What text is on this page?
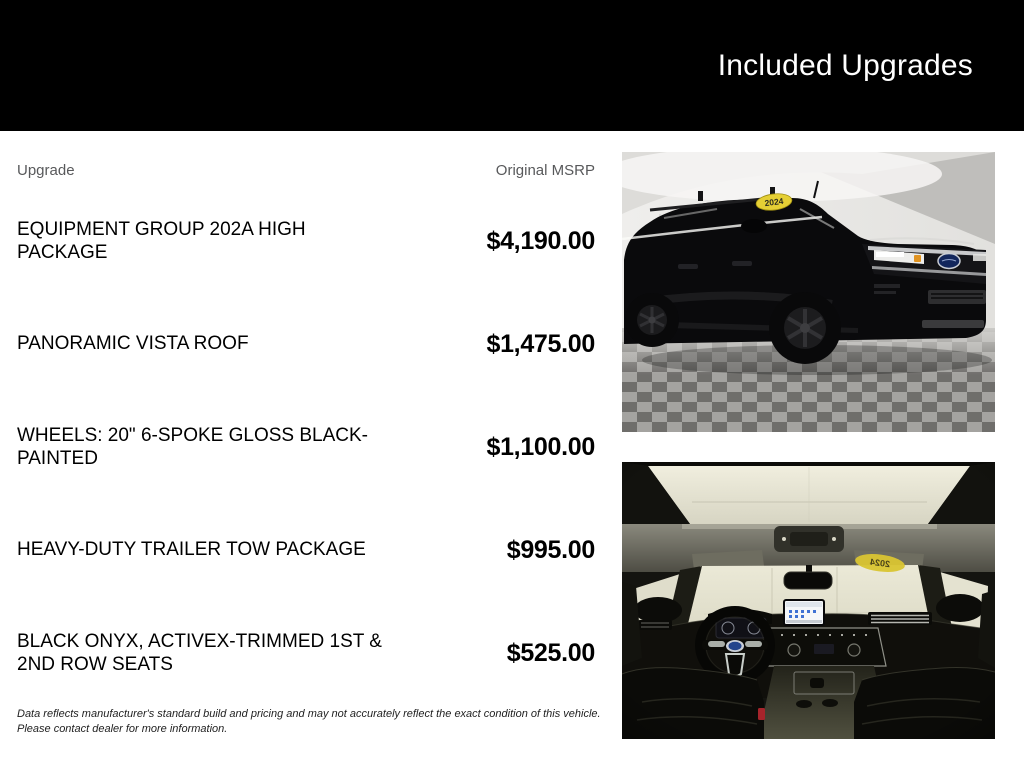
Included Upgrades
Upgrade	Original MSRP
EQUIPMENT GROUP 202A HIGH PACKAGE	$4,190.00
PANORAMIC VISTA ROOF	$1,475.00
WHEELS: 20" 6-SPOKE GLOSS BLACK-PAINTED	$1,100.00
HEAVY-DUTY TRAILER TOW PACKAGE	$995.00
BLACK ONYX, ACTIVEX-TRIMMED 1ST & 2ND ROW SEATS	$525.00
Data reflects manufacturer's standard build and pricing and may not accurately reflect the exact condition of this vehicle.
Please contact dealer for more information.
2024
